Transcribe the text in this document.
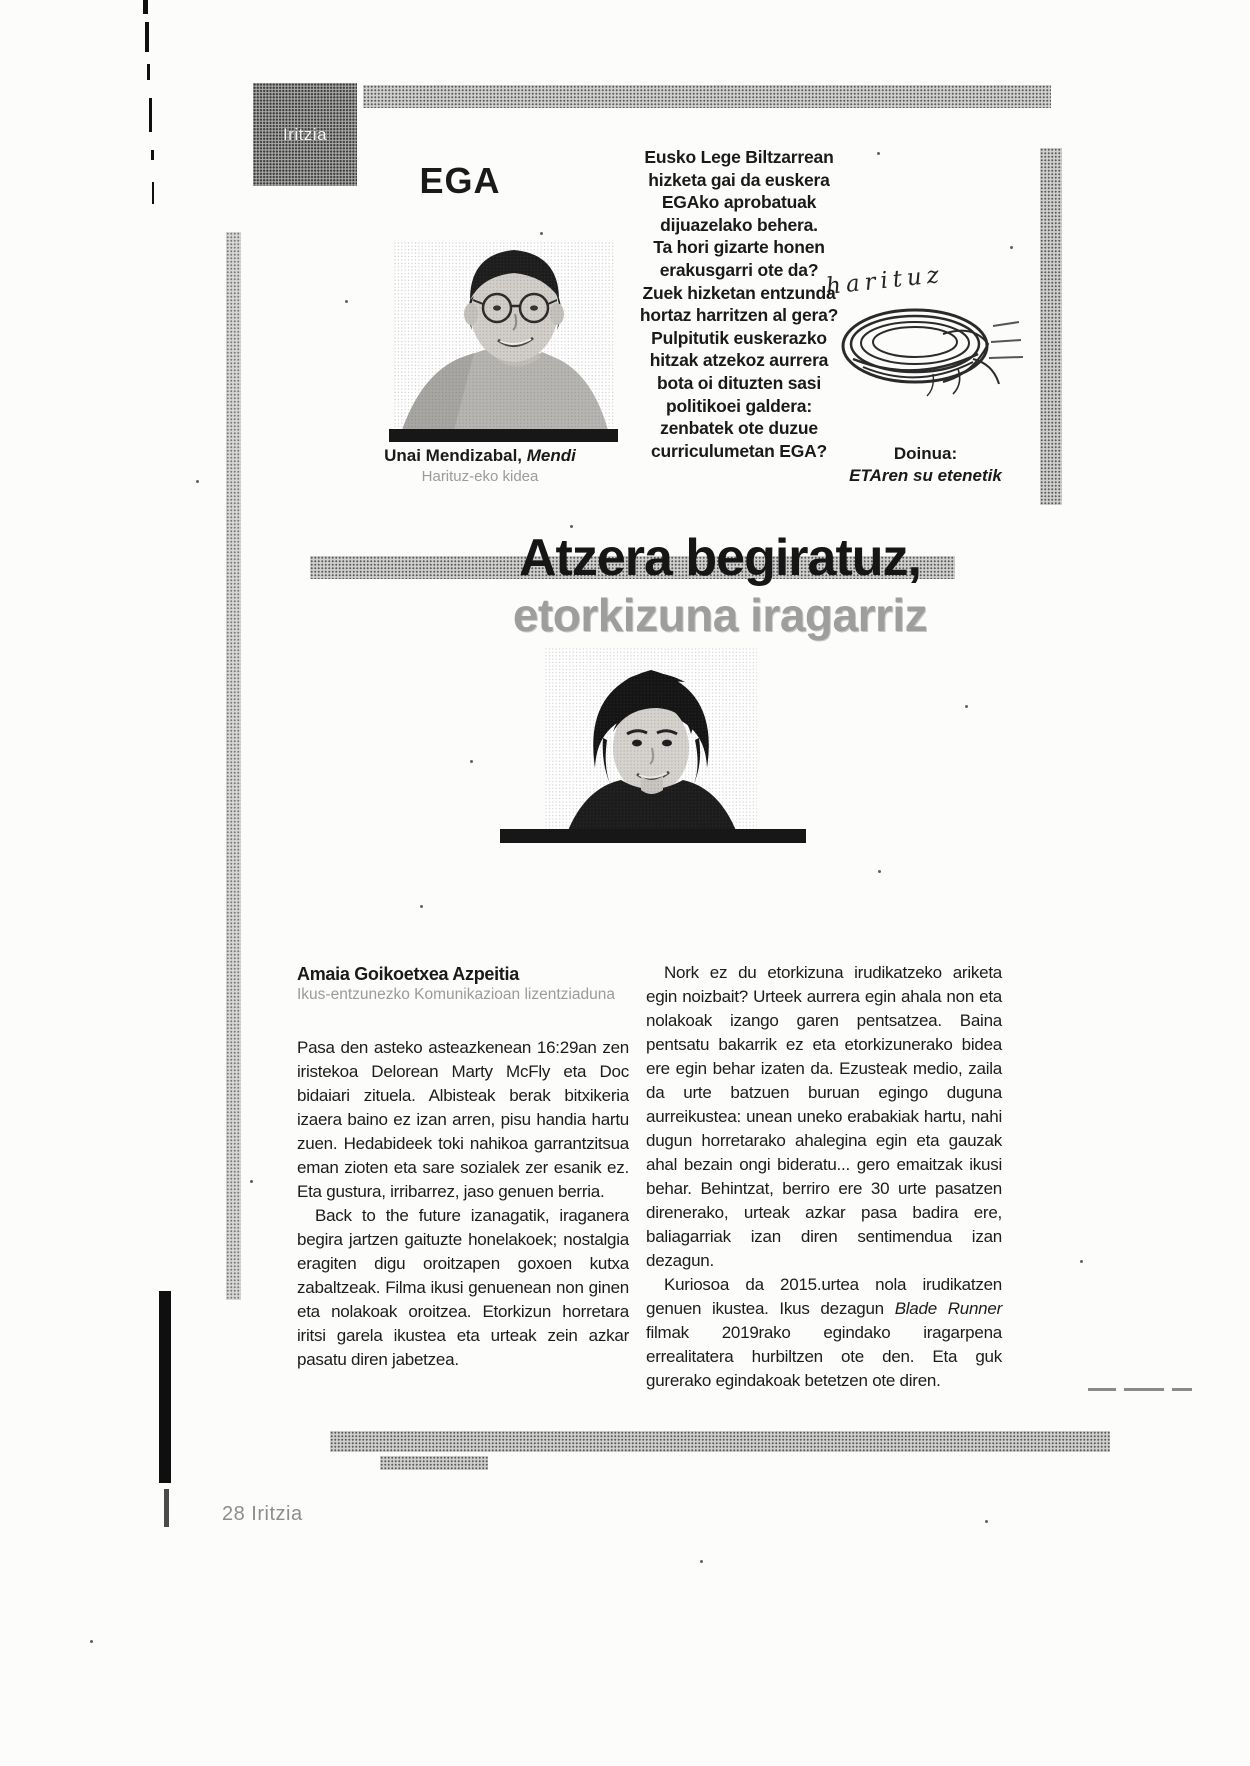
Iritzia
EGA
Unai Mendizabal, Mendi
Harituz-eko kidea
Eusko Lege Biltzarrean
hizketa gai da euskera
EGAko aprobatuak
dijuazelako behera.
Ta hori gizarte honen
erakusgarri ote da?
Zuek hizketan entzunda
hortaz harritzen al gera?
Pulpitutik euskerazko
hitzak atzekoz aurrera
bota oi dituzten sasi
politikoei galdera:
zenbatek ote duzue
curriculumetan EGA?
harituz
Doinua:
ETAren su etenetik
Atzera begiratuz,
etorkizuna iragarriz
Amaia Goikoetxea Azpeitia
Ikus-entzunezko Komunikazioan lizentziaduna

Pasa den asteko asteazkenean 16:29an zen iristekoa Delorean Marty McFly eta Doc bidaiari zituela. Albisteak berak bitxikeria izaera baino ez izan arren, pisu handia hartu zuen. Hedabideek toki nahikoa garrantzitsua eman zioten eta sare sozialek zer esanik ez. Eta gustura, irribarrez, jaso genuen berria.

Back to the future izanagatik, iraganera begira jartzen gaituzte honelakoek; nostalgia eragiten digu oroitzapen goxoen kutxa zabaltzeak. Filma ikusi genuenean non ginen eta nolakoak oroitzea. Etorkizun horretara iritsi garela ikustea eta urteak zein azkar pasatu diren jabetzea.

Nork ez du etorkizuna irudikatzeko ariketa egin noizbait? Urteek aurrera egin ahala non eta nolakoak izango garen pentsatzea. Baina pentsatu bakarrik ez eta etorkizunerako bidea ere egin behar izaten da. Ezusteak medio, zaila da urte batzuen buruan egingo duguna aurreikustea: unean uneko erabakiak hartu, nahi dugun horretarako ahalegina egin eta gauzak ahal bezain ongi bideratu... gero emaitzak ikusi behar. Behintzat, berriro ere 30 urte pasatzen direnerako, urteak azkar pasa badira ere, baliagarriak izan diren sentimendua izan dezagun.

Kuriosoa da 2015.urtea nola irudikatzen genuen ikustea. Ikus dezagun Blade Runner filmak 2019rako egindako iragarpena errealitatera hurbiltzen ote den. Eta guk gurerako egindakoak betetzen ote diren.

28 Iritzia
